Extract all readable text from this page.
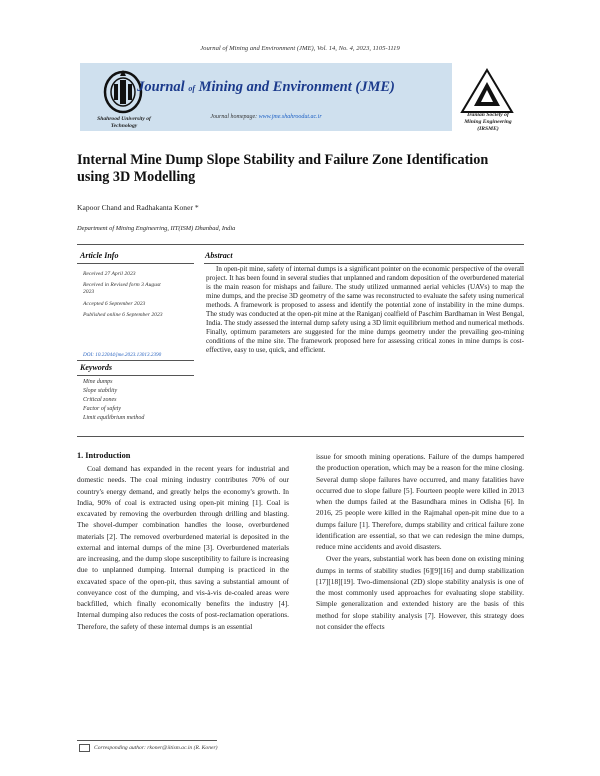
Journal of Mining and Environment (JME), Vol. 14, No. 4, 2023, 1105-1119
Shahrood University of
Technology
Journal of Mining and Environment (JME)
Journal homepage: www.jme.shahroodut.ac.ir	Iranian Society of
Mining Engineering
(IRSME)
Internal Mine Dump Slope Stability and Failure Zone Identification
using 3D Modelling
Kapoor Chand and Radhakanta Koner *
Department of Mining Engineering, IIT(ISM) Dhanbad, India
Article Info	Abstract
Received 27 April 2023
Received in Revised form 3 August
2023
Accepted 6 September 2023
Published online 6 September 2023
DOI: 10.22044/jme.2023.13013.2390
Keywords
Mine dumps
Slope stability
Critical zones
Factor of safety
Limit equilibrium method
In open-pit mine, safety of internal dumps is a significant pointer on the economic perspective of the overall project. It has been found in several studies that unplanned and random deposition of the overburdened material is the main reason for mishaps and failure. The study utilized unmanned aerial vehicles (UAVs) to map the mine dumps, and the precise 3D geometry of the same was reconstructed to evaluate the safety using numerical methods. A framework is proposed to assess and identify the potential zone of instability in the mine dumps. The study was conducted at the open-pit mine at the Raniganj coalfield of Paschim Bardhaman in West Bengal, India. The study assessed the internal dump safety using a 3D limit equilibrium method and numerical methods. Finally, optimum parameters are suggested for the mine dumps geometry under the prevailing geo-mining conditions of the mine site. The framework proposed here for assessing critical zones in mine dumps is cost-effective, easy to use, quick, and efficient.
1. Introduction

Coal demand has expanded in the recent years for industrial and domestic needs. The coal mining industry contributes 70% of our country's energy demand, and greatly helps the economy's growth. In India, 90% of coal is extracted using open-pit mining [1]. Coal is excavated by removing the overburden through drilling and blasting. The shovel-dumper combination handles the loose, overburdened materials [2]. The removed overburdened material is deposited in the external and internal dumps of the mine [3]. Overburdened materials are increasing, and the dump slope susceptibility to failure is increasing due to unplanned dumping. Internal dumping is practiced in the excavated space of the open-pit, thus saving a substantial amount of conveyance cost of the dumping, and vis-à-vis de-coaled areas were backfilled, which finally economically benefits the industry [4]. Internal dumping also reduces the costs of post-reclamation operations. Therefore, the safety of these internal dumps is an essential

issue for smooth mining operations. Failure of the dumps hampered the production operation, which may be a reason for the mine closing. Several dump slope failures have occurred, and many fatalities have occurred due to slope failure [5]. Fourteen people were killed in 2013 when the dumps failed at the Basundhara mines in Odisha [6]. In 2016, 25 people were killed in the Rajmahal open-pit mine due to a dumps failure [1]. Therefore, dumps stability and critical failure zone identification are essential, so that we can redesign the mine dumps, reduce mine accidents and avoid disasters.

Over the years, substantial work has been done on existing mining dumps in terms of stability studies [6][9][16] and dump stabilization [17][18][19]. Two-dimensional (2D) slope stability analysis is one of the most commonly used approaches for evaluating slope stability. Simple generalization and extended history are the basis of this method for slope stability analysis [7]. However, this strategy does not consider the effects

Corresponding author: rkoner@iitism.ac.in (R. Koner)
